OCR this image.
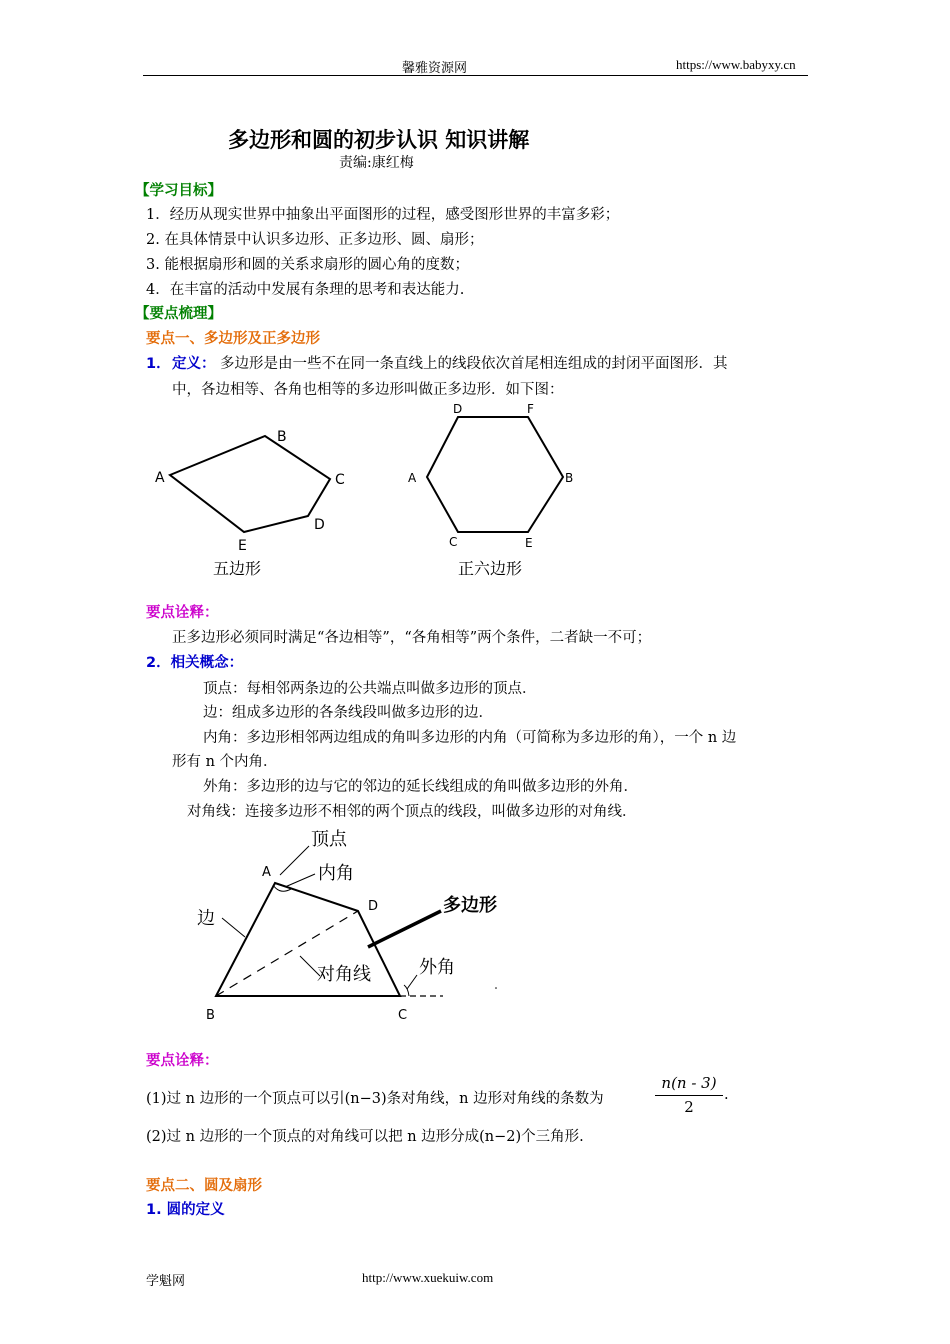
馨雅资源网	https://www.babyxy.cn
多边形和圆的初步认识 知识讲解
责编:康红梅
【学习目标】
1．经历从现实世界中抽象出平面图形的过程，感受图形世界的丰富多彩；
2. 在具体情景中认识多边形、正多边形、圆、扇形；
3. 能根据扇形和圆的关系求扇形的圆心角的度数；
4．在丰富的活动中发展有条理的思考和表达能力.
【要点梳理】
要点一、多边形及正多边形
1． 定义： 多边形是由一些不在同一条直线上的线段依次首尾相连组成的封闭平面图形．其
中，各边相等、各角也相等的多边形叫做正多边形．如下图：
A
B
C
D
E
五边形
D	F
A	B
C	E
正六边形
要点诠释：
正多边形必须同时满足“各边相等”，“各角相等”两个条件，二者缺一不可；
2．相关概念：
顶点：每相邻两条边的公共端点叫做多边形的顶点．
边：组成多边形的各条线段叫做多边形的边．
内角：多边形相邻两边组成的角叫多边形的内角（可简称为多边形的角），一个 n 边
形有 n 个内角．
外角：多边形的边与它的邻边的延长线组成的角叫做多边形的外角．
对角线：连接多边形不相邻的两个顶点的线段，叫做多边形的对角线．
顶点
内角
边
多边形
对角线	外角
A
D
B	C
要点诠释：
(1)过 n 边形的一个顶点可以引(n−3)条对角线，n 边形对角线的条数为	$\frac{n(n - 3)}{2}$ .
(2)过 n 边形的一个顶点的对角线可以把 n 边形分成(n−2)个三角形.
要点二、圆及扇形
1. 圆的定义
学魁网	http://www.xuekuiw.com
